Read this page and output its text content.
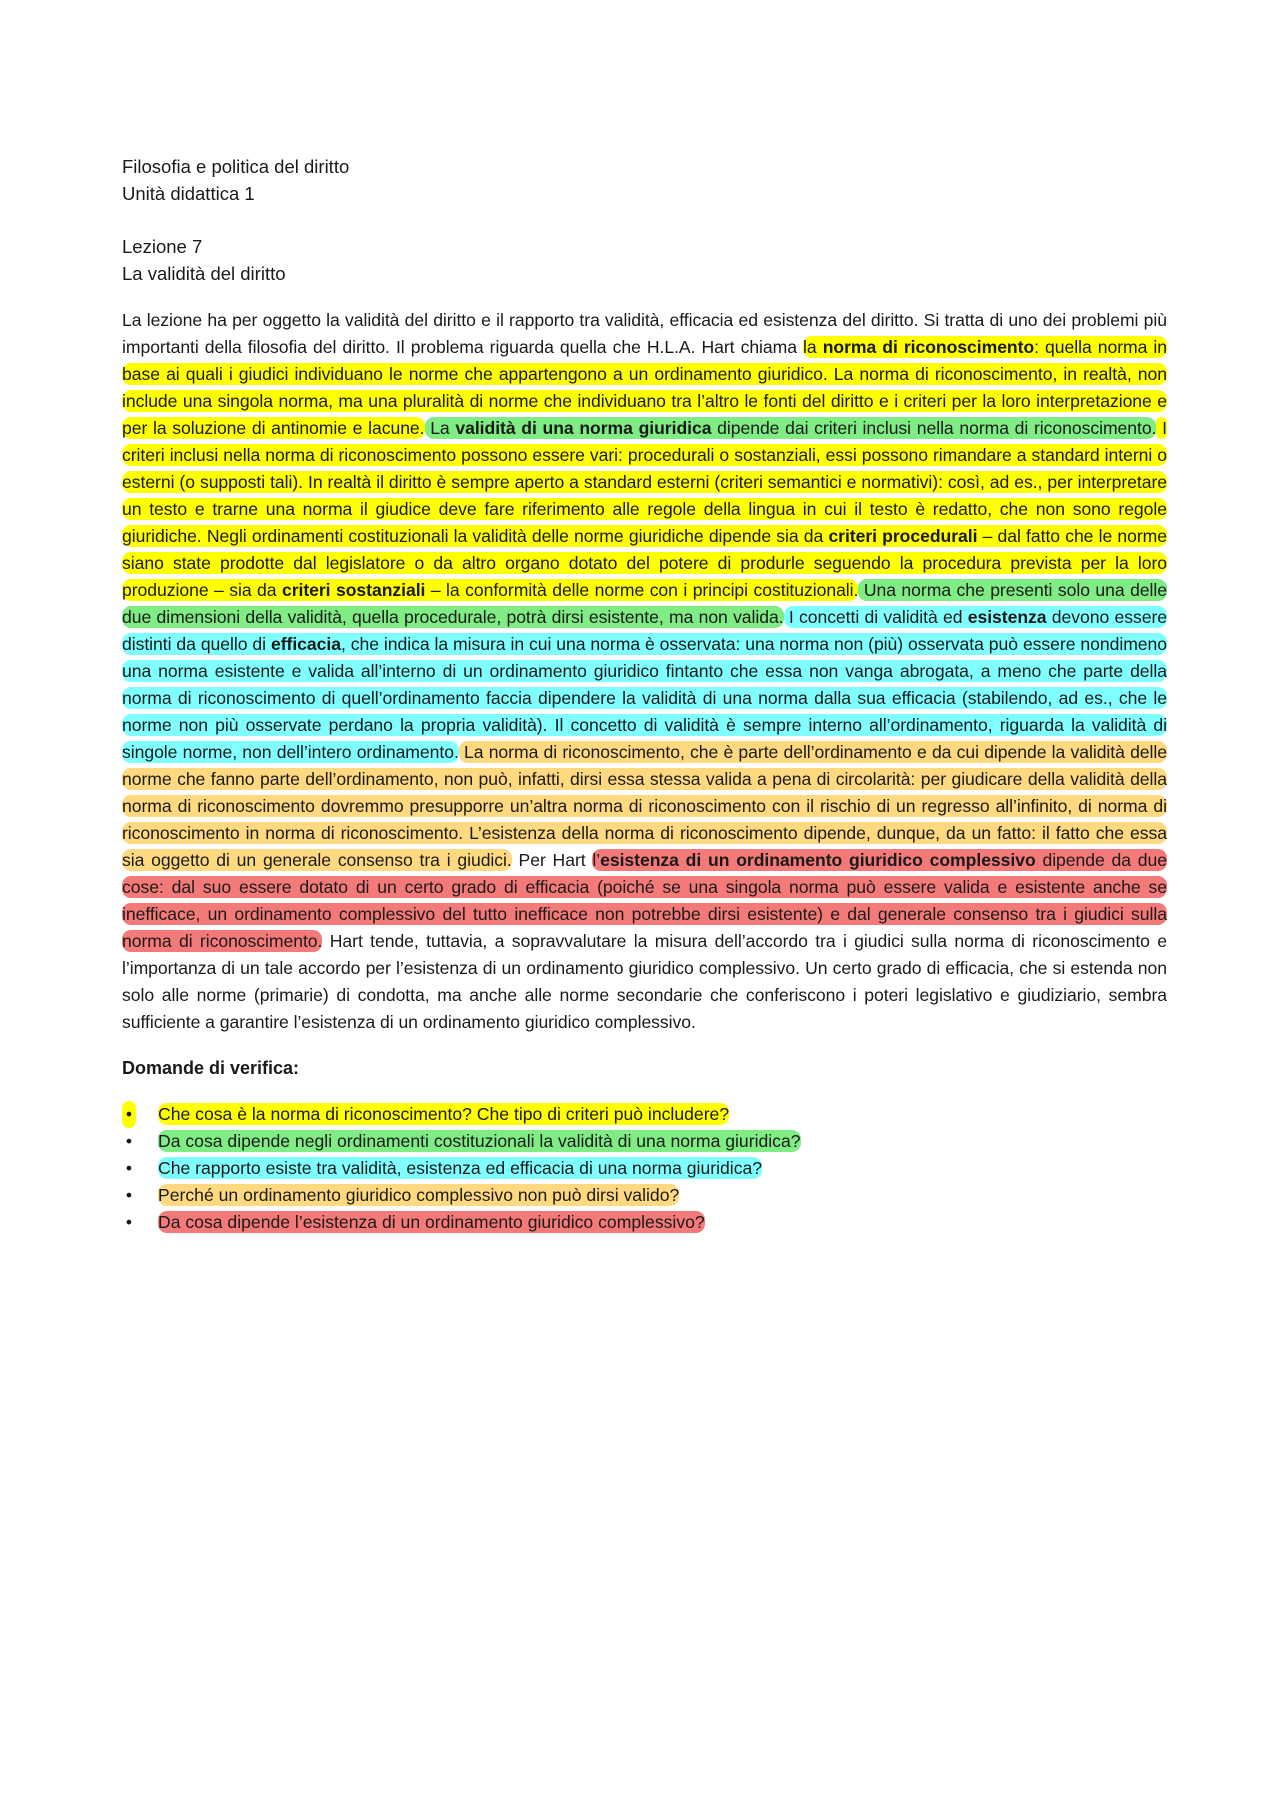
Filosofia e politica del diritto
Unità didattica 1
Lezione 7
La validità del diritto

La lezione ha per oggetto la validità del diritto e il rapporto tra validità, efficacia ed esistenza del diritto. Si tratta di uno dei problemi più importanti della filosofia del diritto. Il problema riguarda quella che H.L.A. Hart chiama la norma di riconoscimento: quella norma in base ai quali i giudici individuano le norme che appartengono a un ordinamento giuridico. La norma di riconoscimento, in realtà, non include una singola norma, ma una pluralità di norme che individuano tra l’altro le fonti del diritto e i criteri per la loro interpretazione e per la soluzione di antinomie e lacune. La validità di una norma giuridica dipende dai criteri inclusi nella norma di riconoscimento. I criteri inclusi nella norma di riconoscimento possono essere vari: procedurali o sostanziali, essi possono rimandare a standard interni o esterni (o supposti tali). In realtà il diritto è sempre aperto a standard esterni (criteri semantici e normativi): così, ad es., per interpretare un testo e trarne una norma il giudice deve fare riferimento alle regole della lingua in cui il testo è redatto, che non sono regole giuridiche. Negli ordinamenti costituzionali la validità delle norme giuridiche dipende sia da criteri procedurali – dal fatto che le norme siano state prodotte dal legislatore o da altro organo dotato del potere di produrle seguendo la procedura prevista per la loro produzione – sia da criteri sostanziali – la conformità delle norme con i principi costituzionali. Una norma che presenti solo una delle due dimensioni della validità, quella procedurale, potrà dirsi esistente, ma non valida. I concetti di validità ed esistenza devono essere distinti da quello di efficacia, che indica la misura in cui una norma è osservata: una norma non (più) osservata può essere nondimeno una norma esistente e valida all’interno di un ordinamento giuridico fintanto che essa non vanga abrogata, a meno che parte della norma di riconoscimento di quell’ordinamento faccia dipendere la validità di una norma dalla sua efficacia (stabilendo, ad es., che le norme non più osservate perdano la propria validità). Il concetto di validità è sempre interno all’ordinamento, riguarda la validità di singole norme, non dell’intero ordinamento. La norma di riconoscimento, che è parte dell’ordinamento e da cui dipende la validità delle norme che fanno parte dell’ordinamento, non può, infatti, dirsi essa stessa valida a pena di circolarità: per giudicare della validità della norma di riconoscimento dovremmo presupporre un’altra norma di riconoscimento con il rischio di un regresso all’infinito, di norma di riconoscimento in norma di riconoscimento. L’esistenza della norma di riconoscimento dipende, dunque, da un fatto: il fatto che essa sia oggetto di un generale consenso tra i giudici. Per Hart l’esistenza di un ordinamento giuridico complessivo dipende da due cose: dal suo essere dotato di un certo grado di efficacia (poiché se una singola norma può essere valida e esistente anche se inefficace, un ordinamento complessivo del tutto inefficace non potrebbe dirsi esistente) e dal generale consenso tra i giudici sulla norma di riconoscimento. Hart tende, tuttavia, a sopravvalutare la misura dell’accordo tra i giudici sulla norma di riconoscimento e l’importanza di un tale accordo per l’esistenza di un ordinamento giuridico complessivo. Un certo grado di efficacia, che si estenda non solo alle norme (primarie) di condotta, ma anche alle norme secondarie che conferiscono i poteri legislativo e giudiziario, sembra sufficiente a garantire l’esistenza di un ordinamento giuridico complessivo.

Domande di verifica:
• Che cosa è la norma di riconoscimento? Che tipo di criteri può includere?
• Da cosa dipende negli ordinamenti costituzionali la validità di una norma giuridica?
• Che rapporto esiste tra validità, esistenza ed efficacia di una norma giuridica?
• Perché un ordinamento giuridico complessivo non può dirsi valido?
• Da cosa dipende l’esistenza di un ordinamento giuridico complessivo?
